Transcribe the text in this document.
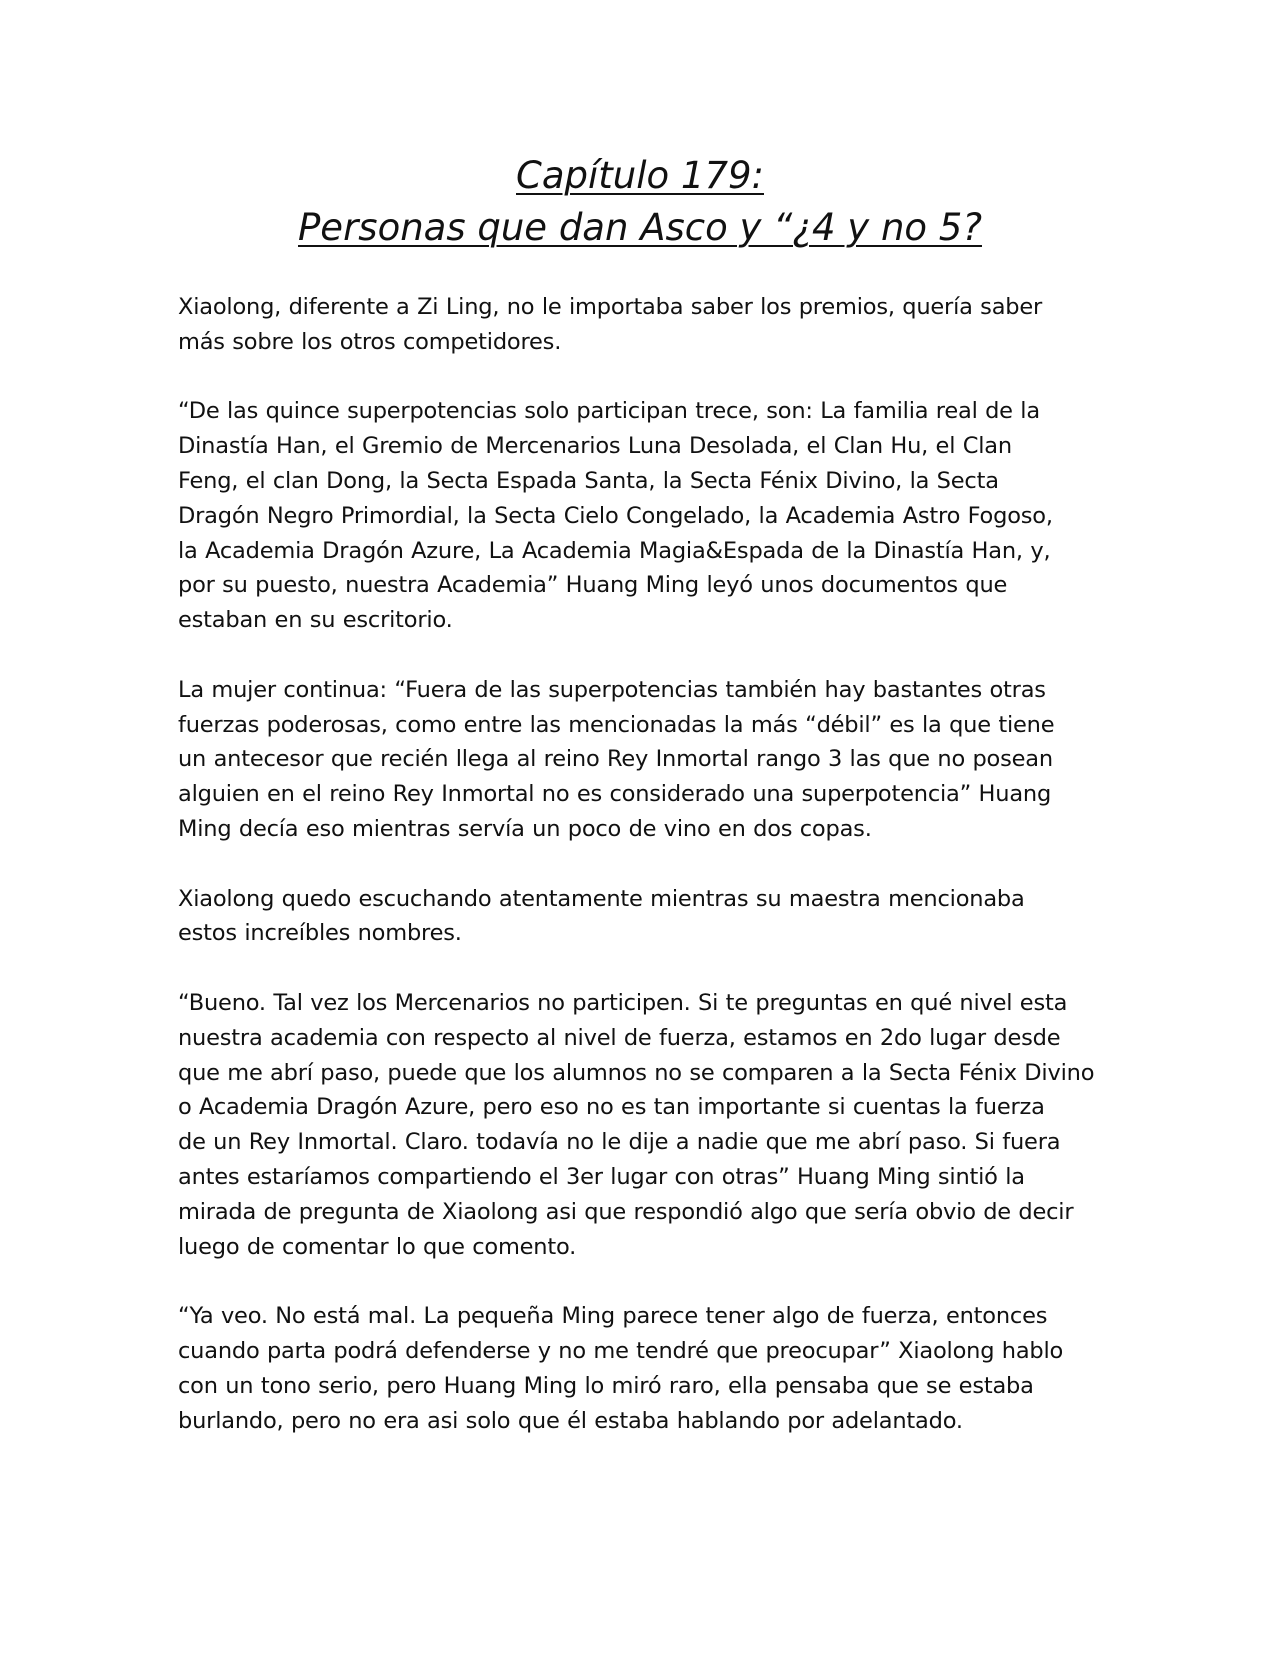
Capítulo 179:
Personas que dan Asco y “¿4 y no 5?

Xiaolong, diferente a Zi Ling, no le importaba saber los premios, quería saber
más sobre los otros competidores.

“De las quince superpotencias solo participan trece, son: La familia real de la
Dinastía Han, el Gremio de Mercenarios Luna Desolada, el Clan Hu, el Clan
Feng, el clan Dong, la Secta Espada Santa, la Secta Fénix Divino, la Secta
Dragón Negro Primordial, la Secta Cielo Congelado, la Academia Astro Fogoso,
la Academia Dragón Azure, La Academia Magia&Espada de la Dinastía Han, y,
por su puesto, nuestra Academia” Huang Ming leyó unos documentos que
estaban en su escritorio.

La mujer continua: “Fuera de las superpotencias también hay bastantes otras
fuerzas poderosas, como entre las mencionadas la más “débil” es la que tiene
un antecesor que recién llega al reino Rey Inmortal rango 3 las que no posean
alguien en el reino Rey Inmortal no es considerado una superpotencia” Huang
Ming decía eso mientras servía un poco de vino en dos copas.

Xiaolong quedo escuchando atentamente mientras su maestra mencionaba
estos increíbles nombres.

“Bueno. Tal vez los Mercenarios no participen. Si te preguntas en qué nivel esta
nuestra academia con respecto al nivel de fuerza, estamos en 2do lugar desde
que me abrí paso, puede que los alumnos no se comparen a la Secta Fénix Divino
o Academia Dragón Azure, pero eso no es tan importante si cuentas la fuerza
de un Rey Inmortal. Claro. todavía no le dije a nadie que me abrí paso. Si fuera
antes estaríamos compartiendo el 3er lugar con otras” Huang Ming sintió la
mirada de pregunta de Xiaolong asi que respondió algo que sería obvio de decir
luego de comentar lo que comento.

“Ya veo. No está mal. La pequeña Ming parece tener algo de fuerza, entonces
cuando parta podrá defenderse y no me tendré que preocupar” Xiaolong hablo
con un tono serio, pero Huang Ming lo miró raro, ella pensaba que se estaba
burlando, pero no era asi solo que él estaba hablando por adelantado.
